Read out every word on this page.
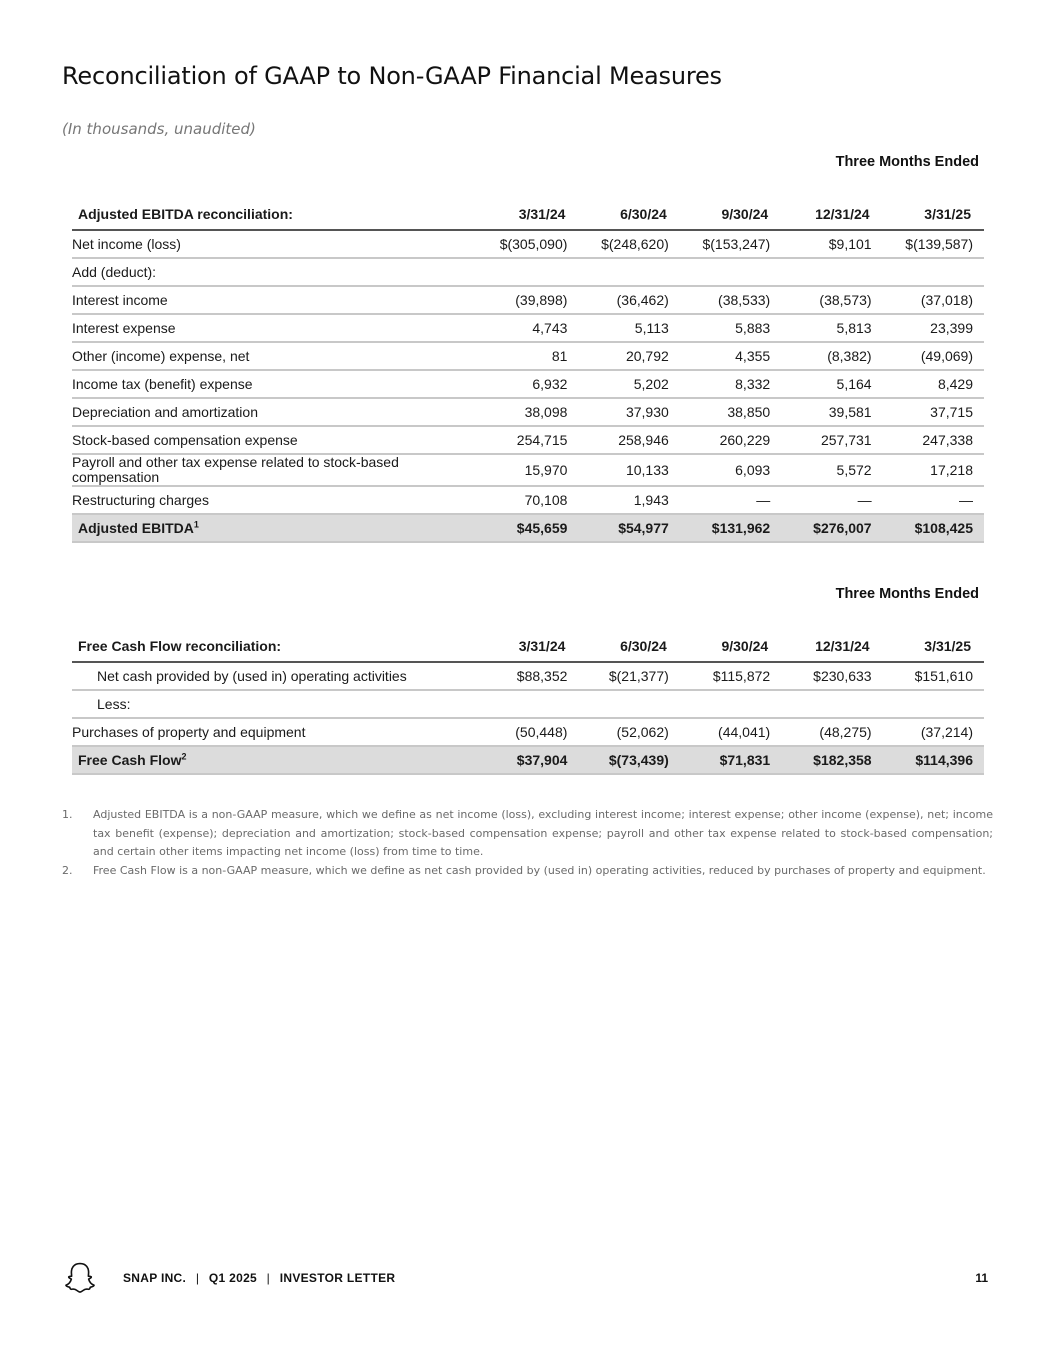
Reconciliation of GAAP to Non-GAAP Financial Measures
(In thousands, unaudited)
Three Months Ended
Adjusted EBITDA reconciliation:	3/31/24	6/30/24	9/30/24	12/31/24	3/31/25
Net income (loss)	$(305,090)	$(248,620)	$(153,247)	$9,101	$(139,587)
Add (deduct):					
Interest income	(39,898)	(36,462)	(38,533)	(38,573)	(37,018)
Interest expense	4,743	5,113	5,883	5,813	23,399
Other (income) expense, net	81	20,792	4,355	(8,382)	(49,069)
Income tax (benefit) expense	6,932	5,202	8,332	5,164	8,429
Depreciation and amortization	38,098	37,930	38,850	39,581	37,715
Stock-based compensation expense	254,715	258,946	260,229	257,731	247,338
Payroll and other tax expense related to stock-based compensation	15,970	10,133	6,093	5,572	17,218
Restructuring charges	70,108	1,943	—	—	—
Adjusted EBITDA$^1$	$45,659	$54,977	$131,962	$276,007	$108,425
Three Months Ended
Free Cash Flow reconciliation:	3/31/24	6/30/24	9/30/24	12/31/24	3/31/25
Net cash provided by (used in) operating activities	$88,352	$(21,377)	$115,872	$230,633	$151,610
Less:					
Purchases of property and equipment	(50,448)	(52,062)	(44,041)	(48,275)	(37,214)
Free Cash Flow$^2$	$37,904	$(73,439)	$71,831	$182,358	$114,396
1.	Adjusted EBITDA is a non-GAAP measure, which we define as net income (loss), excluding interest income; interest expense; other income (expense), net; income tax benefit (expense); depreciation and amortization; stock-based compensation expense; payroll and other tax expense related to stock-based compensation; and certain other items impacting net income (loss) from time to time.
2.	Free Cash Flow is a non-GAAP measure, which we define as net cash provided by (used in) operating activities, reduced by purchases of property and equipment.
SNAP INC. | Q1 2025 | INVESTOR LETTER	11
